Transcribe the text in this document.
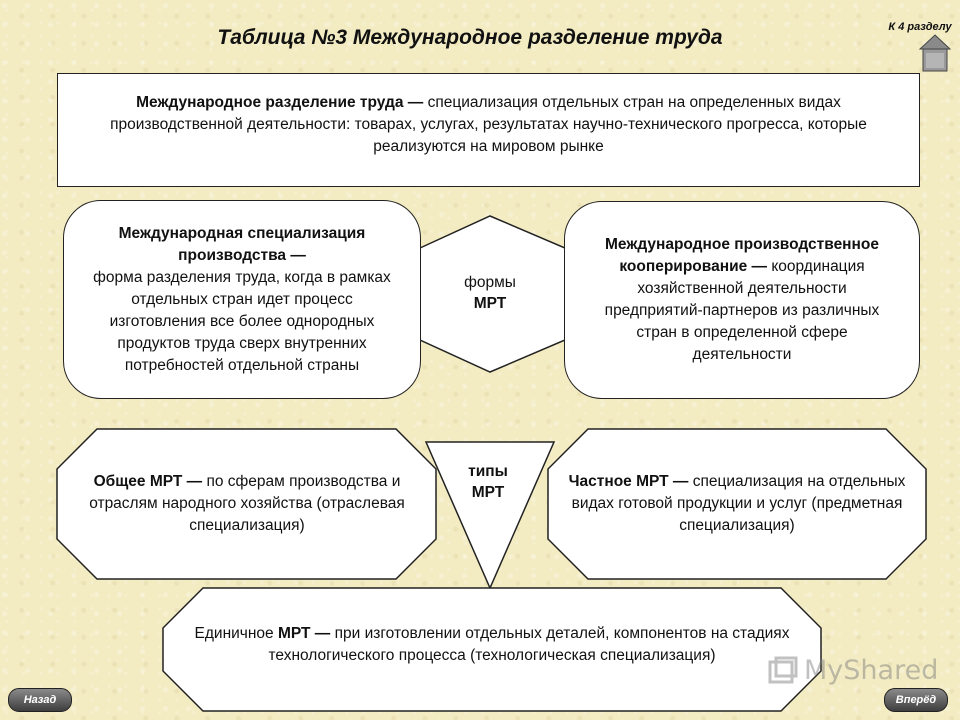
Таблица №3 Международное разделение труда	К 4 разделу
Международное разделение труда — специализация отдельных стран на определенных видах производственной деятельности: товарах, услугах, результатах научно-технического прогресса, которые реализуются на мировом рынке
Международная специализация производства —
форма разделения труда, когда в рамках отдельных стран идет процесс изготовления все более однородных продуктов труда сверх внутренних потребностей отдельной страны
Международное производственное кооперирование — координация хозяйственной деятельности предприятий-партнеров из различных стран в определенной сфере деятельности
формы
МРТ
типы
МРТ
Общее МРТ — по сферам производства и отраслям народного хозяйства (отраслевая специализация)
Частное МРТ — специализация на отдельных видах готовой продукции и услуг (предметная специализация)
Единичное МРТ — при изготовлении отдельных деталей, компонентов на стадиях технологического процесса (технологическая специализация)	MyShared
Назад	Вперёд
